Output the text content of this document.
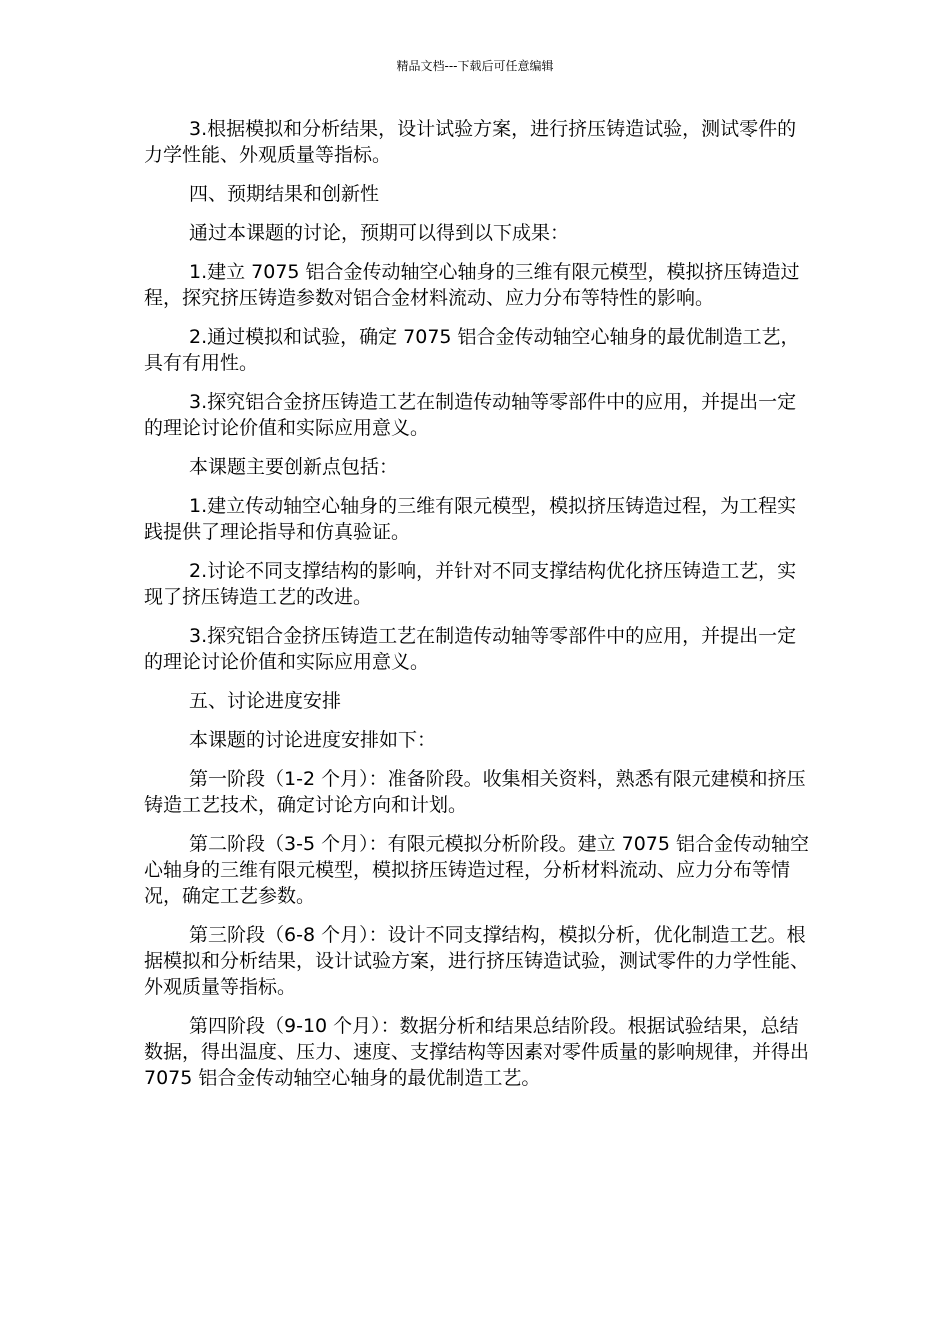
精品文档---下载后可任意编辑

3.根据模拟和分析结果，设计试验方案，进行挤压铸造试验，测试零件的力学性能、外观质量等指标。

四、预期结果和创新性

通过本课题的讨论，预期可以得到以下成果：

1.建立 7075 铝合金传动轴空心轴身的三维有限元模型，模拟挤压铸造过程，探究挤压铸造参数对铝合金材料流动、应力分布等特性的影响。

2.通过模拟和试验，确定 7075 铝合金传动轴空心轴身的最优制造工艺，具有有用性。

3.探究铝合金挤压铸造工艺在制造传动轴等零部件中的应用，并提出一定的理论讨论价值和实际应用意义。

本课题主要创新点包括：

1.建立传动轴空心轴身的三维有限元模型，模拟挤压铸造过程，为工程实践提供了理论指导和仿真验证。

2.讨论不同支撑结构的影响，并针对不同支撑结构优化挤压铸造工艺，实现了挤压铸造工艺的改进。

3.探究铝合金挤压铸造工艺在制造传动轴等零部件中的应用，并提出一定的理论讨论价值和实际应用意义。

五、讨论进度安排

本课题的讨论进度安排如下：

第一阶段（1-2 个月）：准备阶段。收集相关资料，熟悉有限元建模和挤压铸造工艺技术，确定讨论方向和计划。

第二阶段（3-5 个月）：有限元模拟分析阶段。建立 7075 铝合金传动轴空心轴身的三维有限元模型，模拟挤压铸造过程，分析材料流动、应力分布等情况，确定工艺参数。

第三阶段（6-8 个月）：设计不同支撑结构，模拟分析，优化制造工艺。根据模拟和分析结果，设计试验方案，进行挤压铸造试验，测试零件的力学性能、外观质量等指标。

第四阶段（9-10 个月）：数据分析和结果总结阶段。根据试验结果，总结数据，得出温度、压力、速度、支撑结构等因素对零件质量的影响规律，并得出 7075 铝合金传动轴空心轴身的最优制造工艺。
